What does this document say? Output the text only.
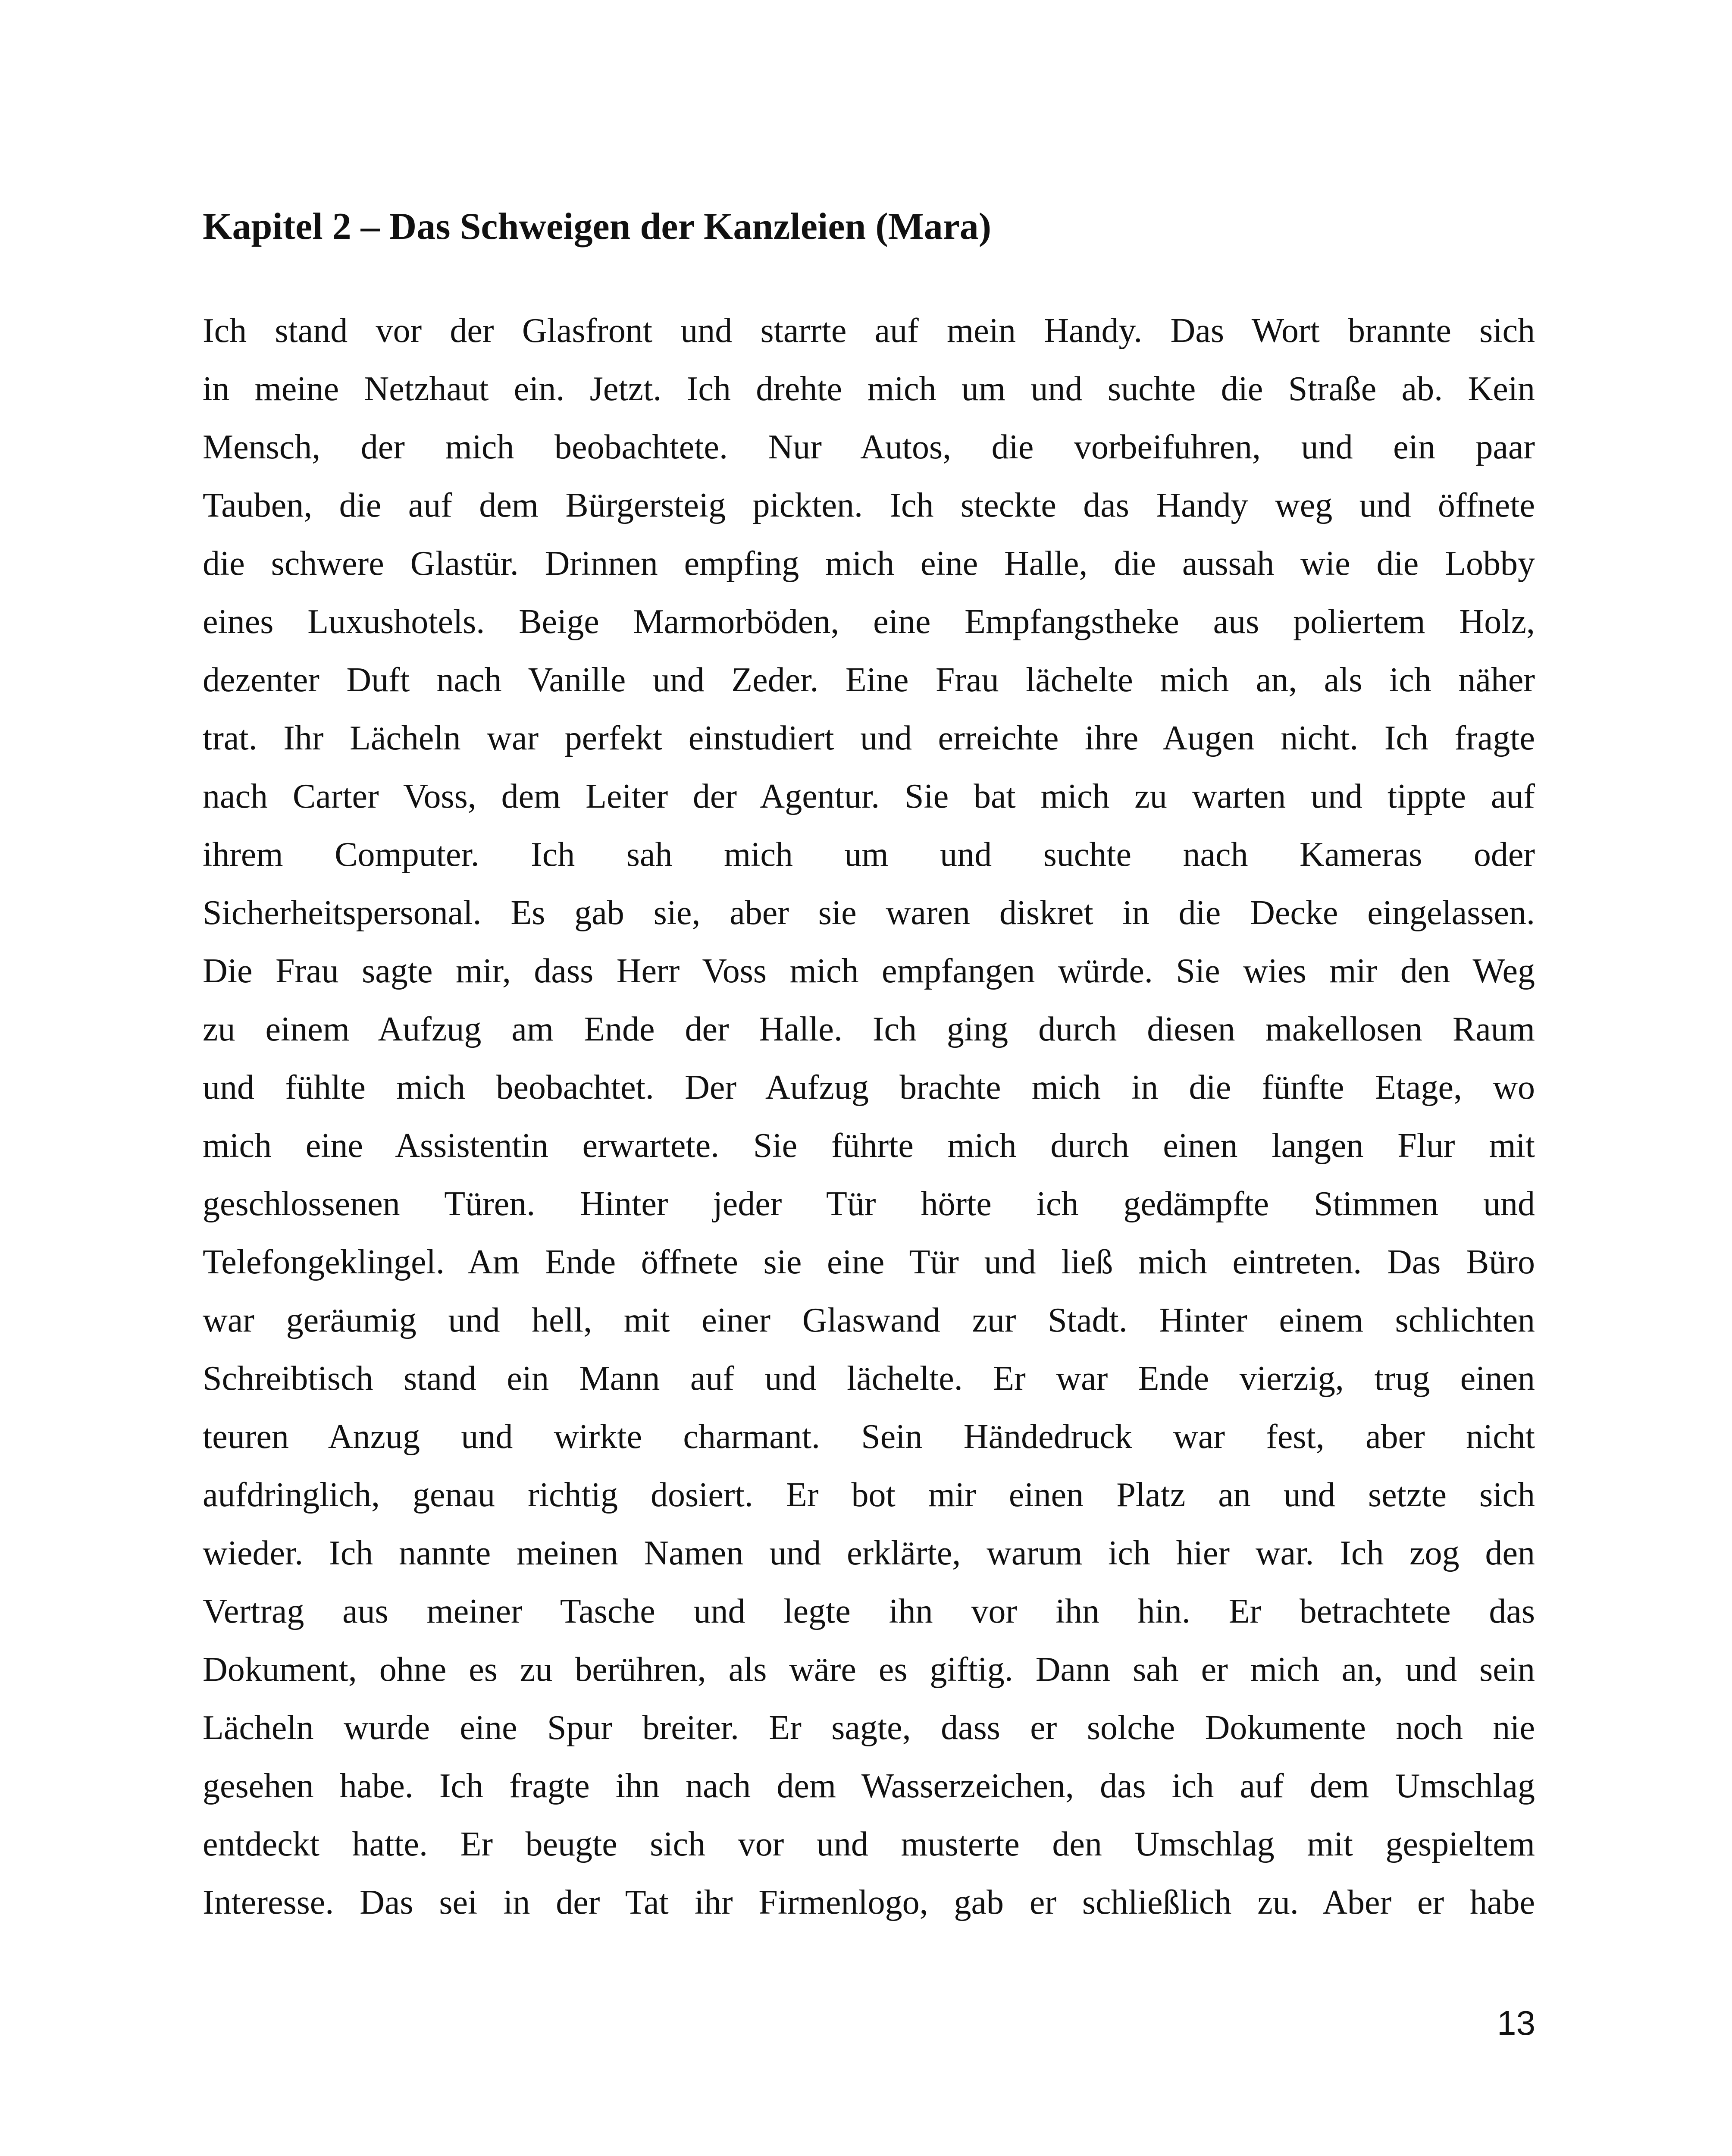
Kapitel 2 – Das Schweigen der Kanzleien (Mara)
Ich stand vor der Glasfront und starrte auf mein Handy. Das Wort brannte sich
in meine Netzhaut ein. Jetzt. Ich drehte mich um und suchte die Straße ab. Kein
Mensch, der mich beobachtete. Nur Autos, die vorbeifuhren, und ein paar
Tauben, die auf dem Bürgersteig pickten. Ich steckte das Handy weg und öffnete
die schwere Glastür. Drinnen empfing mich eine Halle, die aussah wie die Lobby
eines Luxushotels. Beige Marmorböden, eine Empfangstheke aus poliertem Holz,
dezenter Duft nach Vanille und Zeder. Eine Frau lächelte mich an, als ich näher
trat. Ihr Lächeln war perfekt einstudiert und erreichte ihre Augen nicht. Ich fragte
nach Carter Voss, dem Leiter der Agentur. Sie bat mich zu warten und tippte auf
ihrem Computer. Ich sah mich um und suchte nach Kameras oder
Sicherheitspersonal. Es gab sie, aber sie waren diskret in die Decke eingelassen.
Die Frau sagte mir, dass Herr Voss mich empfangen würde. Sie wies mir den Weg
zu einem Aufzug am Ende der Halle. Ich ging durch diesen makellosen Raum
und fühlte mich beobachtet. Der Aufzug brachte mich in die fünfte Etage, wo
mich eine Assistentin erwartete. Sie führte mich durch einen langen Flur mit
geschlossenen Türen. Hinter jeder Tür hörte ich gedämpfte Stimmen und
Telefongeklingel. Am Ende öffnete sie eine Tür und ließ mich eintreten. Das Büro
war geräumig und hell, mit einer Glaswand zur Stadt. Hinter einem schlichten
Schreibtisch stand ein Mann auf und lächelte. Er war Ende vierzig, trug einen
teuren Anzug und wirkte charmant. Sein Händedruck war fest, aber nicht
aufdringlich, genau richtig dosiert. Er bot mir einen Platz an und setzte sich
wieder. Ich nannte meinen Namen und erklärte, warum ich hier war. Ich zog den
Vertrag aus meiner Tasche und legte ihn vor ihn hin. Er betrachtete das
Dokument, ohne es zu berühren, als wäre es giftig. Dann sah er mich an, und sein
Lächeln wurde eine Spur breiter. Er sagte, dass er solche Dokumente noch nie
gesehen habe. Ich fragte ihn nach dem Wasserzeichen, das ich auf dem Umschlag
entdeckt hatte. Er beugte sich vor und musterte den Umschlag mit gespieltem
Interesse. Das sei in der Tat ihr Firmenlogo, gab er schließlich zu. Aber er habe
13
